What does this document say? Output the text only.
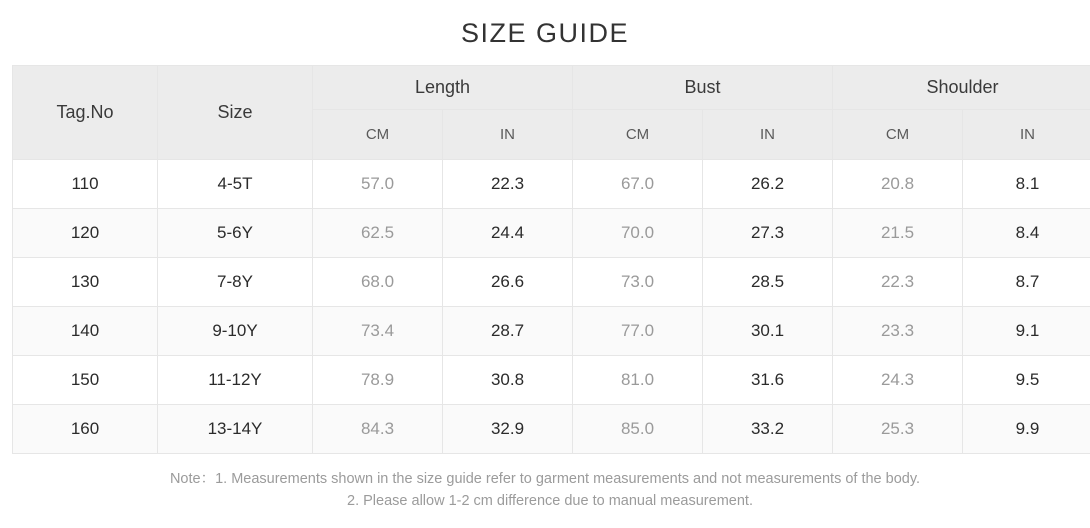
SIZE GUIDE
Tag.No	Size	Length		Bust		Shoulder	
		CM	IN	CM	IN	CM	IN
110	4-5T	57.0	22.3	67.0	26.2	20.8	8.1
120	5-6Y	62.5	24.4	70.0	27.3	21.5	8.4
130	7-8Y	68.0	26.6	73.0	28.5	22.3	8.7
140	9-10Y	73.4	28.7	77.0	30.1	23.3	9.1
150	11-12Y	78.9	30.8	81.0	31.6	24.3	9.5
160	13-14Y	84.3	32.9	85.0	33.2	25.3	9.9
Note：1. Measurements shown in the size guide refer to garment measurements and not measurements of the body.
2. Please allow 1-2 cm difference due to manual measurement.
